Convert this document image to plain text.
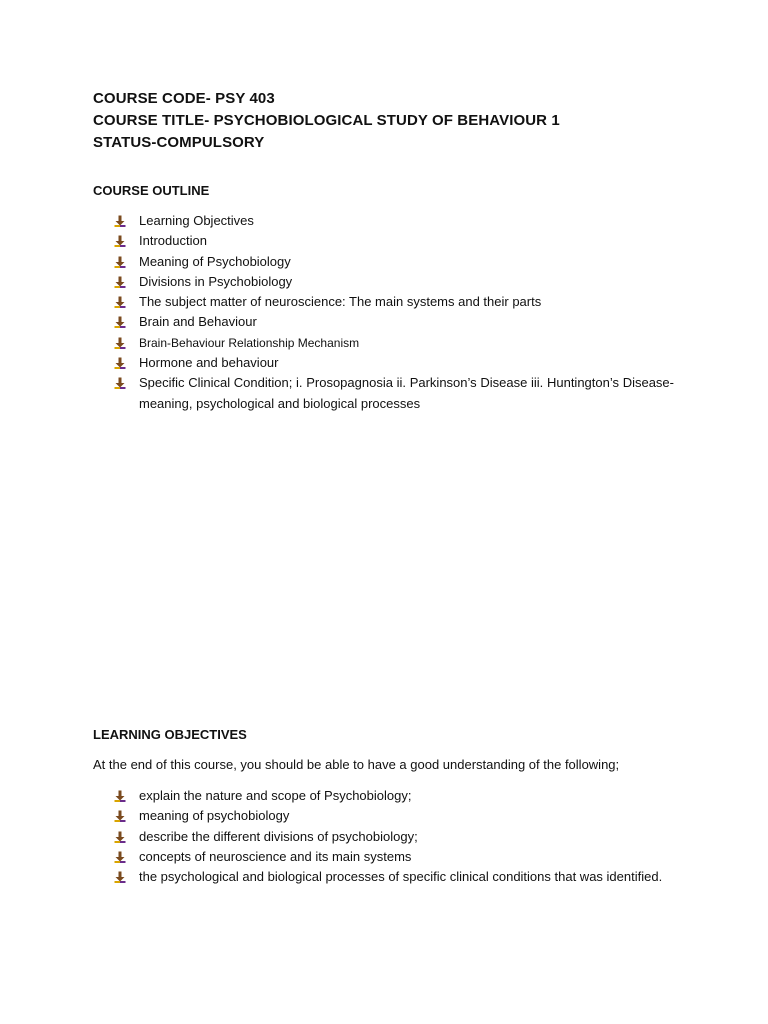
COURSE CODE- PSY 403
COURSE TITLE- PSYCHOBIOLOGICAL STUDY OF BEHAVIOUR 1
STATUS-COMPULSORY
COURSE OUTLINE
Learning Objectives
Introduction
Meaning of Psychobiology
Divisions in Psychobiology
The subject matter of neuroscience: The main systems and their parts
Brain and Behaviour
Brain-Behaviour Relationship Mechanism
Hormone and behaviour
Specific Clinical Condition; i. Prosopagnosia ii. Parkinson’s Disease iii. Huntington’s Disease- meaning, psychological and biological processes
LEARNING OBJECTIVES
At the end of this course, you should be able to have a good understanding of the following;
explain the nature and scope of Psychobiology;
meaning of psychobiology
describe the different divisions of psychobiology;
concepts of neuroscience and its main systems
the psychological and biological processes of specific clinical conditions that was identified.
